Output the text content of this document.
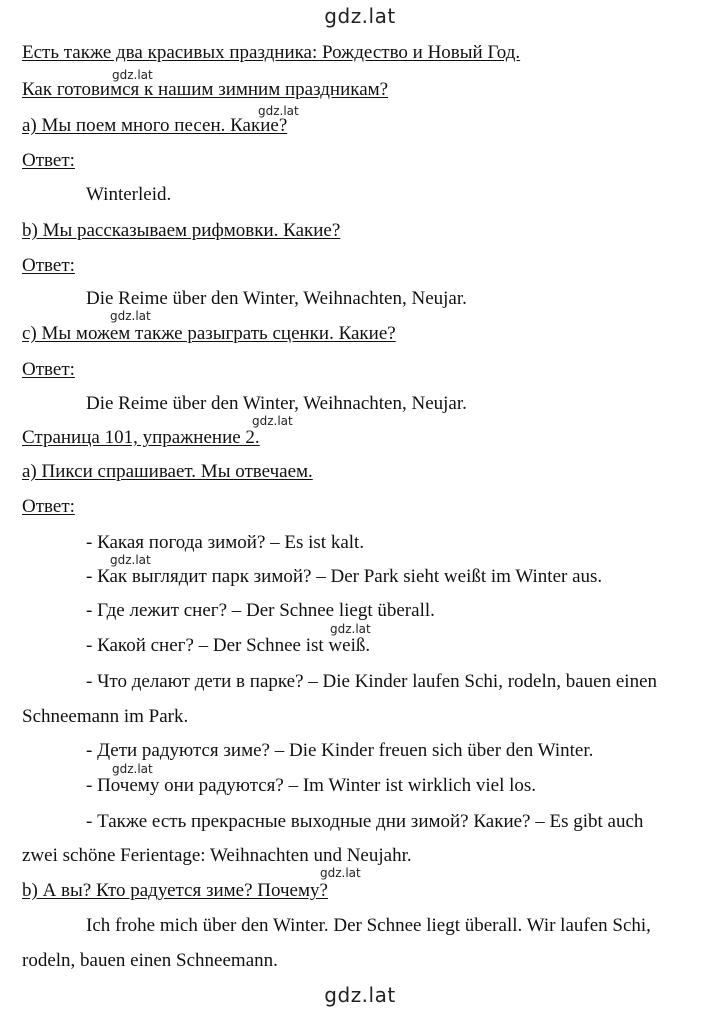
gdz.lat
Есть также два красивых праздника: Рождество и Новый Год.
gdz.lat
Как готовимся к нашим зимним праздникам?
gdz.lat
a) Мы поем много песен. Какие?
Ответ:
Winterleid.
b) Мы рассказываем рифмовки. Какие?
Ответ:
Die Reime über den Winter, Weihnachten, Neujar.
gdz.lat
c) Мы можем также разыграть сценки. Какие?
Ответ:
Die Reime über den Winter, Weihnachten, Neujar.
gdz.lat
Страница 101, упражнение 2.
a) Пикси спрашивает. Мы отвечаем.
Ответ:
- Какая погода зимой? – Es ist kalt.
gdz.lat
- Как выглядит парк зимой? – Der Park sieht weißt im Winter aus.
- Где лежит снег? – Der Schnee liegt überall.
gdz.lat
- Какой снег? – Der Schnee ist weiß.
- Что делают дети в парке? – Die Kinder laufen Schi, rodeln, bauen einen
Schneemann im Park.
- Дети радуются зиме? – Die Kinder freuen sich über den Winter.
gdz.lat
- Почему они радуются? – Im Winter ist wirklich viel los.
- Также есть прекрасные выходные дни зимой? Какие? – Es gibt auch
zwei schöne Ferientage: Weihnachten und Neujahr.
gdz.lat
b) А вы? Кто радуется зиме? Почему?
Ich frohe mich über den Winter. Der Schnee liegt überall. Wir laufen Schi,
rodeln, bauen einen Schneemann.
gdz.lat
